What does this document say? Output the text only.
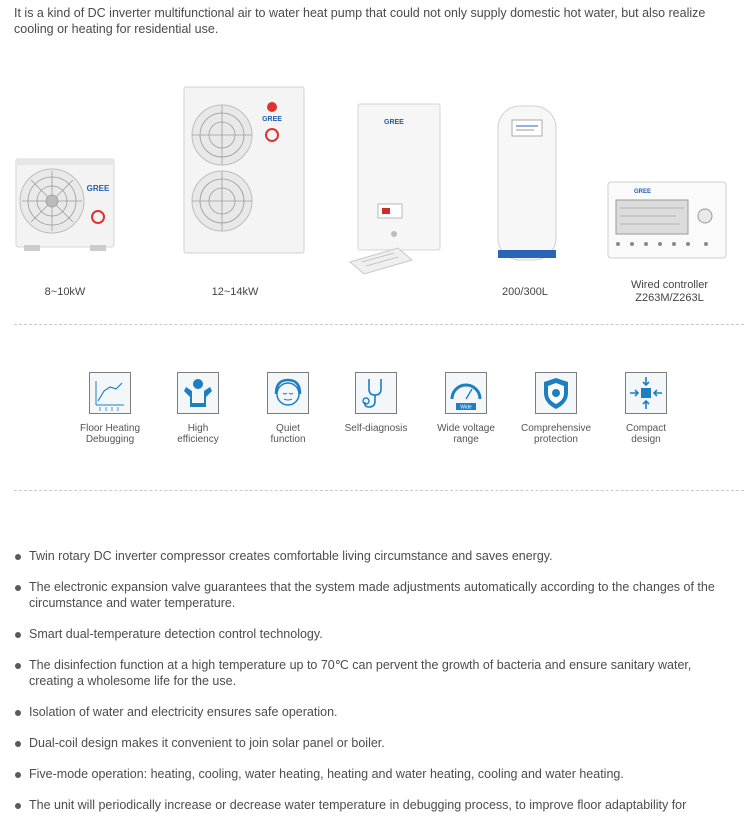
It is a kind of DC inverter multifunctional air to water heat pump that could not only supply domestic hot water, but also realize cooling or heating for residential use.
GREE
8~10kW
GREE
12~14kW
GREE
200/300L
GREE
Wired controller
Z263M/Z263L
Floor Heating
Debugging
High
efficiency
Quiet
function
Self-diagnosis
Wide
Wide voltage
range
Comprehensive
protection
Compact
design
Twin rotary DC inverter compressor creates comfortable living circumstance and saves energy.
The electronic expansion valve guarantees that the system made adjustments automatically according to the changes of the circumstance and water temperature.
Smart dual-temperature detection control technology.
The disinfection function at a high temperature up to 70℃ can pervent the growth of bacteria and ensure sanitary water, creating a wholesome life for the use.
Isolation of water and electricity ensures safe operation.
Dual-coil design makes it convenient to join solar panel or boiler.
Five-mode operation: heating, cooling, water heating, heating and water heating, cooling and water heating.
The unit will periodically increase or decrease water temperature in debugging process, to improve floor adaptability for
